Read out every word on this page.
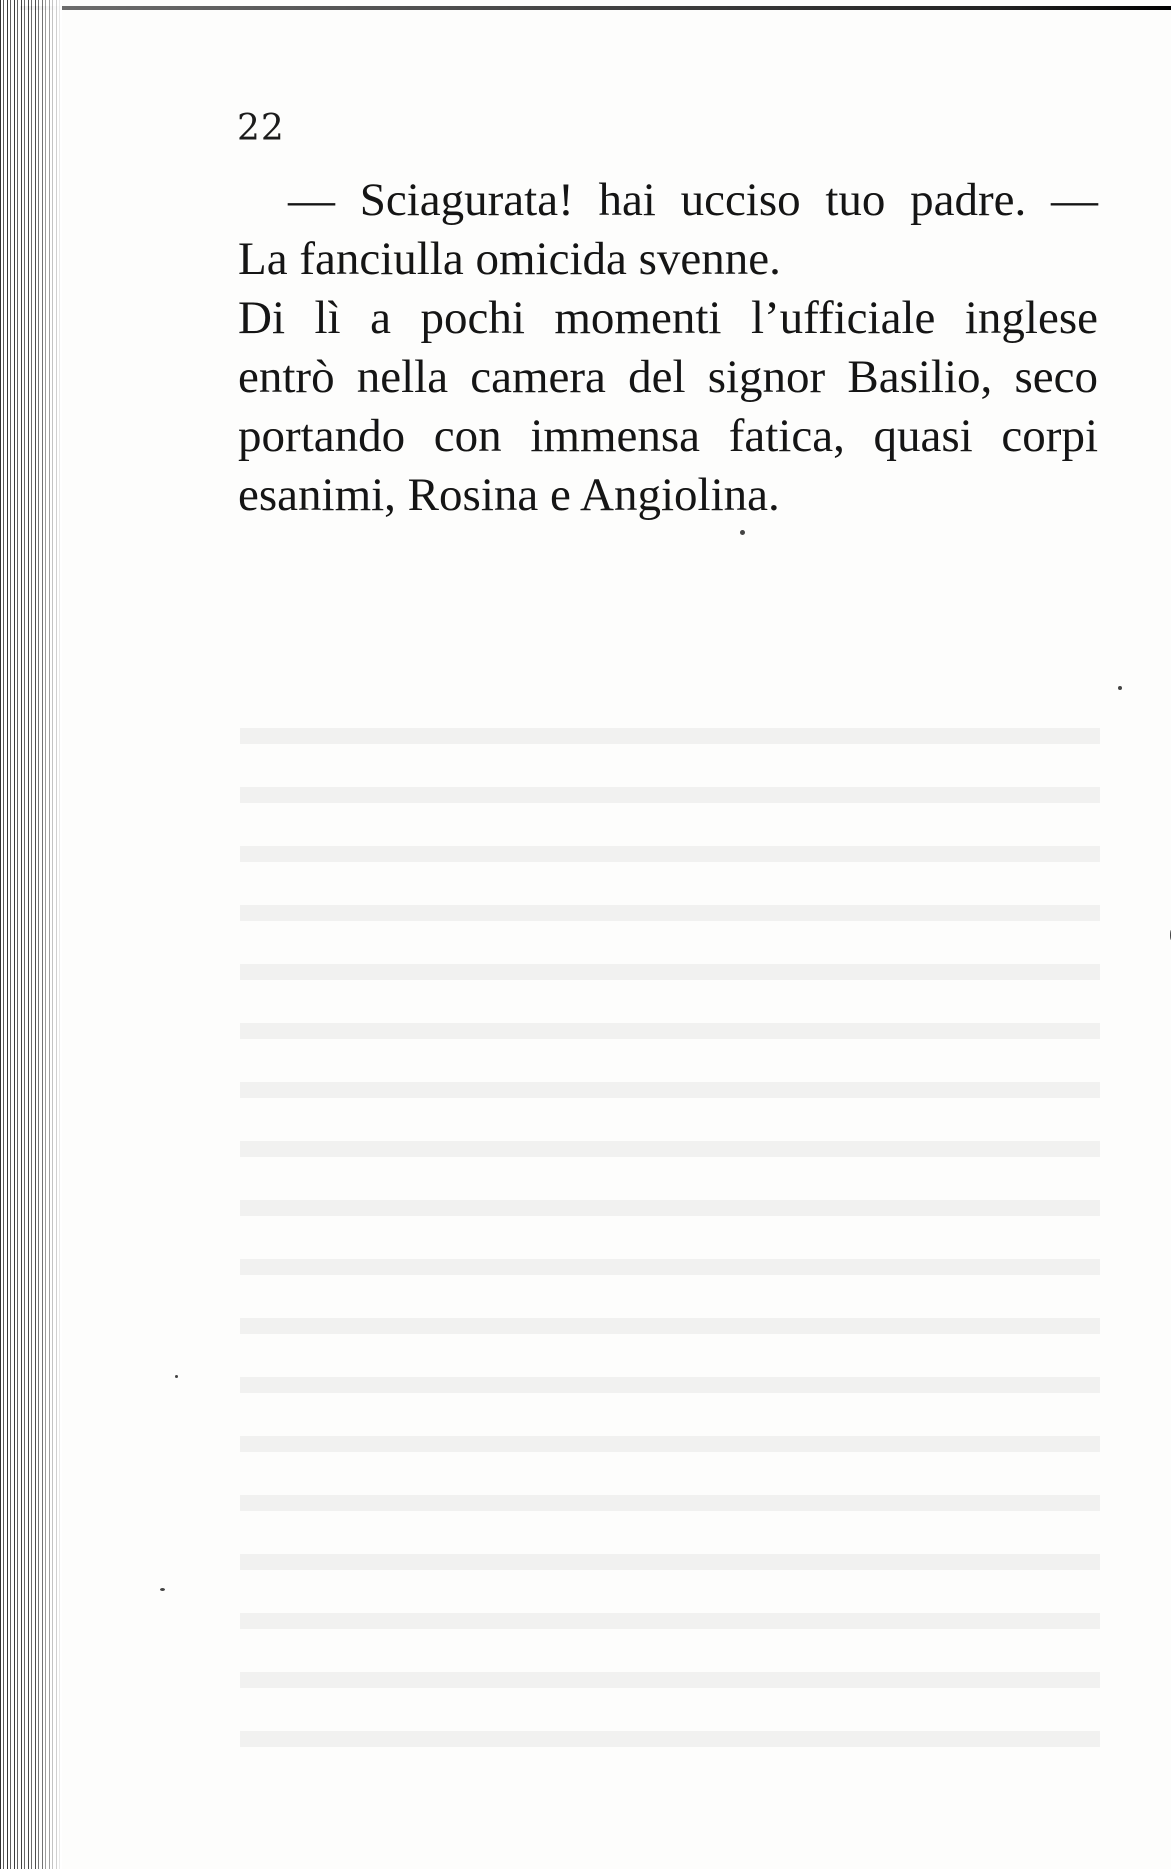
22
— Sciagurata! hai ucciso tuo padre. —
La fanciulla omicida svenne.
Di lì a pochi momenti l’ufficiale inglese
entrò nella camera del signor Basilio, seco
portando con immensa fatica, quasi corpi
esanimi, Rosina e Angiolina.
